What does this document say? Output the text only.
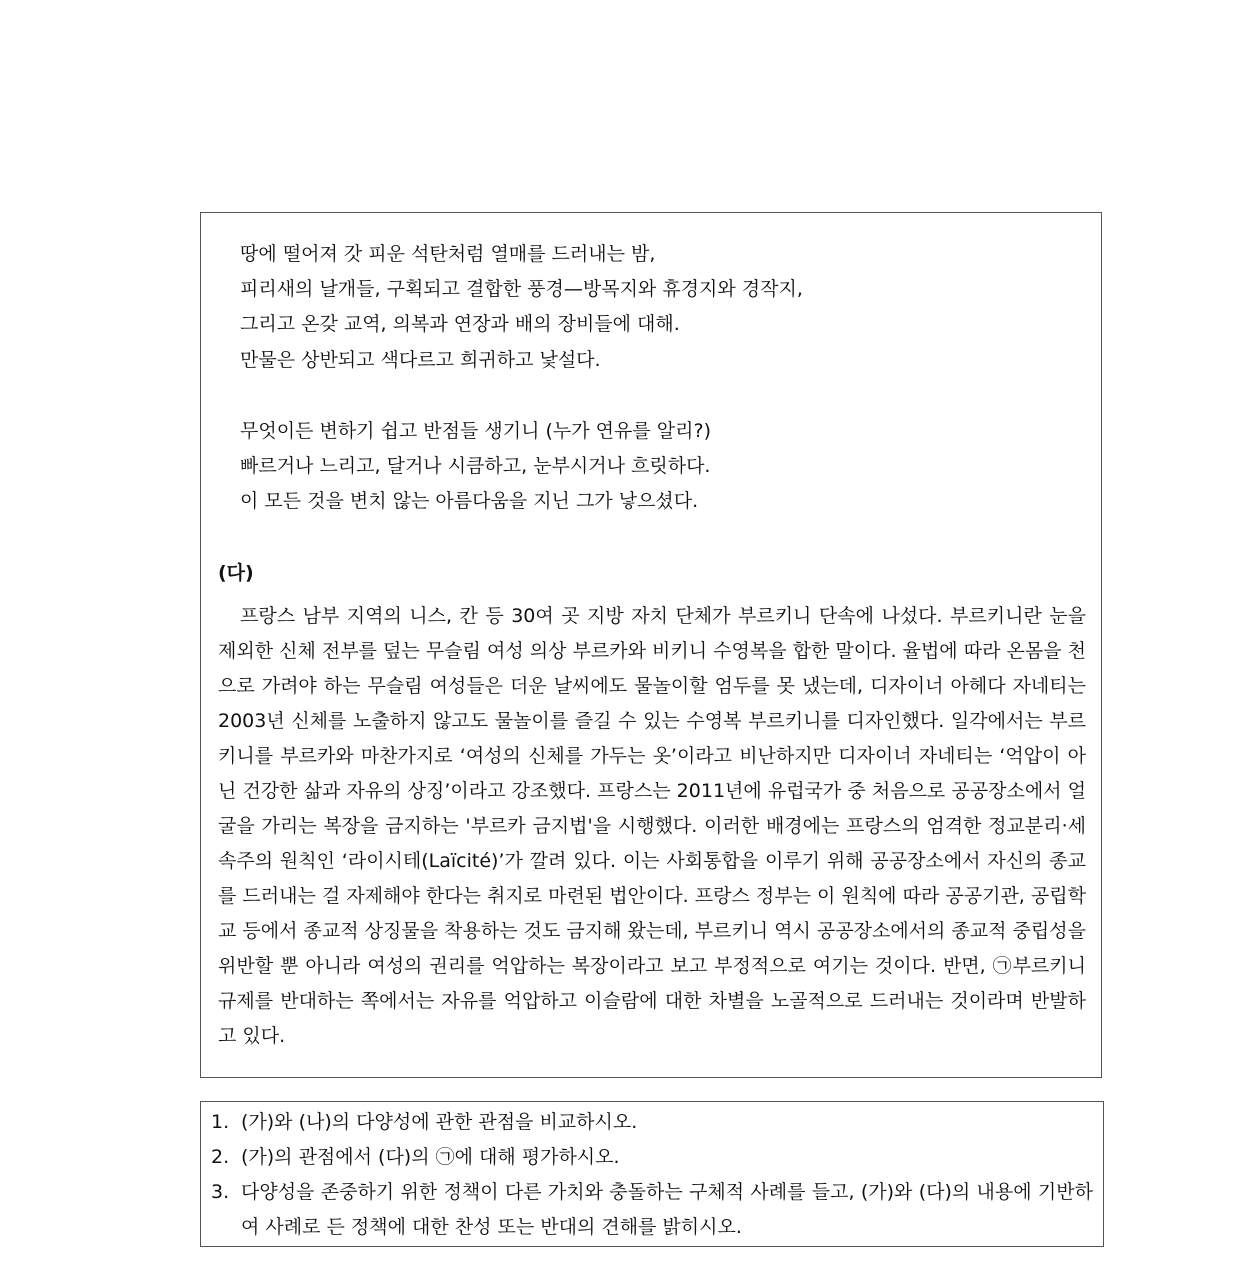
땅에 떨어져 갓 피운 석탄처럼 열매를 드러내는 밤,
피리새의 날개들, 구획되고 결합한 풍경—방목지와 휴경지와 경작지,
그리고 온갖 교역, 의복과 연장과 배의 장비들에 대해.
만물은 상반되고 색다르고 희귀하고 낯설다.
무엇이든 변하기 쉽고 반점들 생기니 (누가 연유를 알리?)
빠르거나 느리고, 달거나 시큼하고, 눈부시거나 흐릿하다.
이 모든 것을 변치 않는 아름다움을 지닌 그가 낳으셨다.
(다)

프랑스 남부 지역의 니스, 칸 등 30여 곳 지방 자치 단체가 부르키니 단속에 나섰다. 부르키니란 눈을 제외한 신체 전부를 덮는 무슬림 여성 의상 부르카와 비키니 수영복을 합한 말이다. 율법에 따라 온몸을 천으로 가려야 하는 무슬림 여성들은 더운 날씨에도 물놀이할 엄두를 못 냈는데, 디자이너 아헤다 자네티는 2003년 신체를 노출하지 않고도 물놀이를 즐길 수 있는 수영복 부르키니를 디자인했다. 일각에서는 부르키니를 부르카와 마찬가지로 ‘여성의 신체를 가두는 옷’이라고 비난하지만 디자이너 자네티는 ‘억압이 아닌 건강한 삶과 자유의 상징’이라고 강조했다. 프랑스는 2011년에 유럽국가 중 처음으로 공공장소에서 얼굴을 가리는 복장을 금지하는 '부르카 금지법'을 시행했다. 이러한 배경에는 프랑스의 엄격한 정교분리·세속주의 원칙인 ‘라이시테(Laïcité)’가 깔려 있다. 이는 사회통합을 이루기 위해 공공장소에서 자신의 종교를 드러내는 걸 자제해야 한다는 취지로 마련된 법안이다. 프랑스 정부는 이 원칙에 따라 공공기관, 공립학교 등에서 종교적 상징물을 착용하는 것도 금지해 왔는데, 부르키니 역시 공공장소에서의 종교적 중립성을 위반할 뿐 아니라 여성의 권리를 억압하는 복장이라고 보고 부정적으로 여기는 것이다. 반면, ㉠부르키니 규제를 반대하는 쪽에서는 자유를 억압하고 이슬람에 대한 차별을 노골적으로 드러내는 것이라며 반발하고 있다.

1. (가)와 (나)의 다양성에 관한 관점을 비교하시오.
2. (가)의 관점에서 (다)의 ㉠에 대해 평가하시오.
3. 다양성을 존중하기 위한 정책이 다른 가치와 충돌하는 구체적 사례를 들고, (가)와 (다)의 내용에 기반하여 사례로 든 정책에 대한 찬성 또는 반대의 견해를 밝히시오.
